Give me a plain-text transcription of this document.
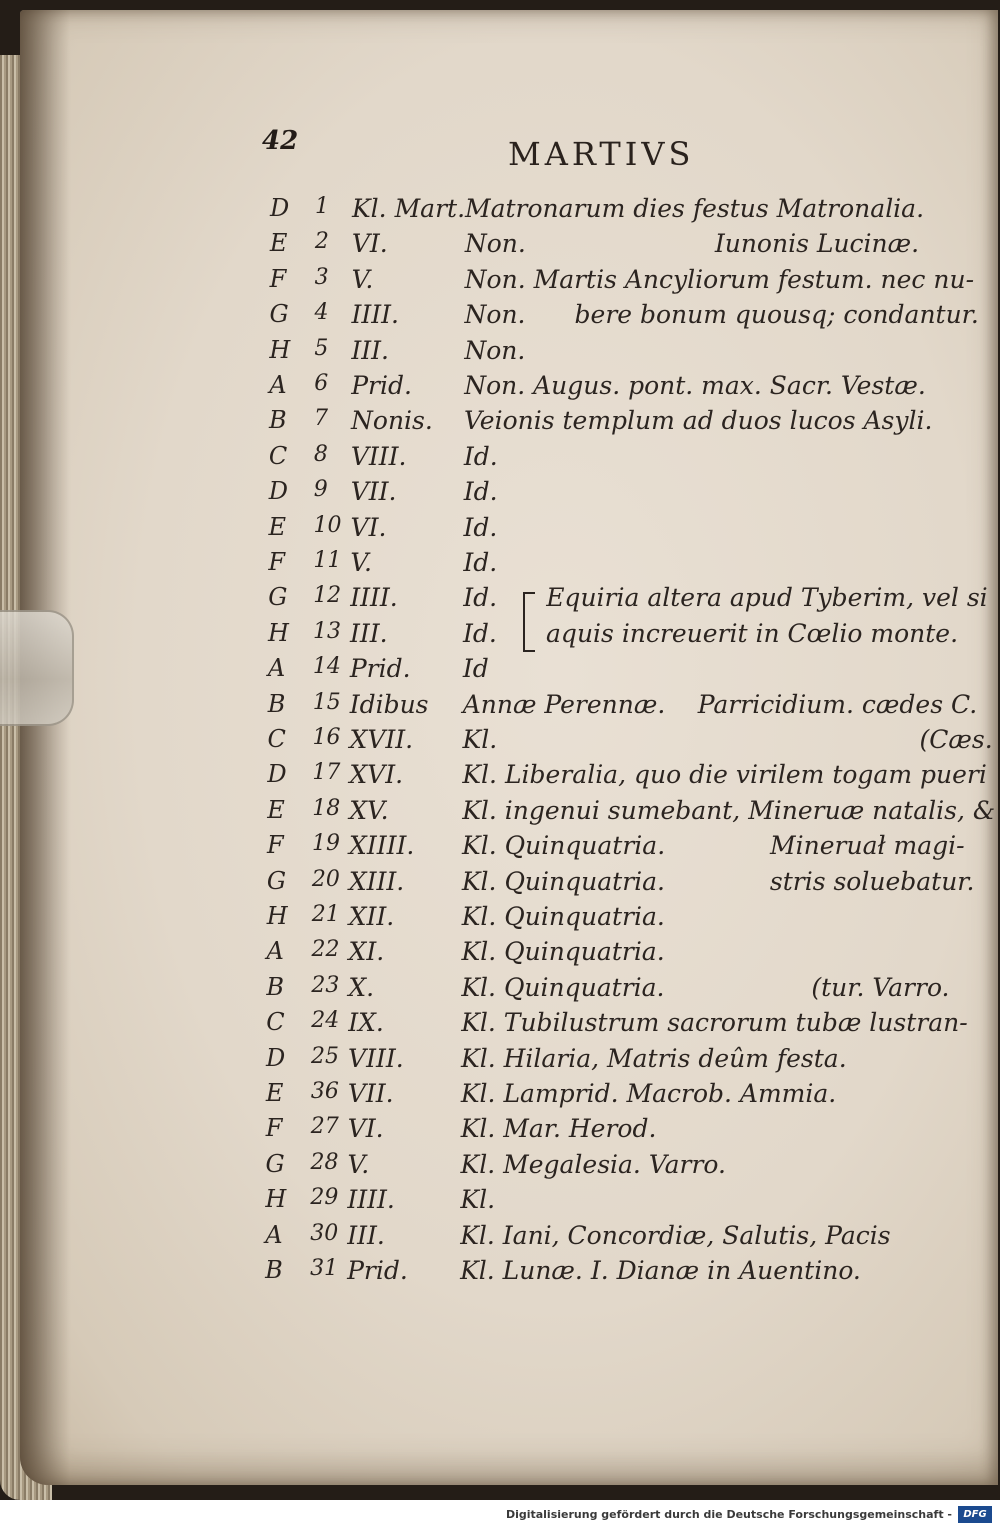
42	MARTIVS
D 1 Kl. Mart. Matronarum dies festus Matronalia.
E 2 VI.	Non.	Iunonis Lucinæ.
F 3 V.	Non. Martis Ancyliorum festum. nec nu-
G 4 IIII.	Non. bere bonum quousq; condantur.
H 5 III.	Non.
A 6 Prid. Non. Augus. pont. max. Sacr. Vestæ.
B 7 Nonis. Veionis templum ad duos lucos Asyli.
C 8 VIII. Id.
D 9 VII.	Id.
E 10 VI.	Id.
F 11 V.	Id.
G 12 IIII.	Id. Equiria altera apud Tyberim, vel si
H 13 III.	Id. aquis increuerit in Cœlio monte.
A 14 Prid. Id
B 15 Idibus Annæ Perennæ. Parricidium. cædes C.
C 16 XVII. Kl.	(Cæs.
D 17 XVI. Kl. Liberalia, quo die virilem togam pueri
E 18 XV.	Kl. ingenui sumebant, Mineruæ natalis, &
F 19 XIIII. Kl. Quinquatria.	Mineruał magi-
G 20 XIII. Kl. Quinquatria.	stris soluebatur.
H 21 XII.	Kl. Quinquatria.
A 22 XI.	Kl. Quinquatria.
B 23 X.	Kl. Quinquatria.	(tur. Varro.
C 24 IX.	Kl. Tubilustrum sacrorum tubæ lustran-
D 25 VIII. Kl. Hilaria, Matris deûm festa.
E 36 VII.	Kl. Lamprid. Macrob. Ammia.
F 27 VI.	Kl. Mar. Herod.
G 28 V.	Kl. Megalesia. Varro.
H 29 IIII.	Kl.
A 30 III.	Kl. Iani, Concordiæ, Salutis, Pacis
B 31 Prid. Kl. Lunæ. I. Dianæ in Auentino.
Digitalisierung gefördert durch die Deutsche Forschungsgemeinschaft -	DFG
